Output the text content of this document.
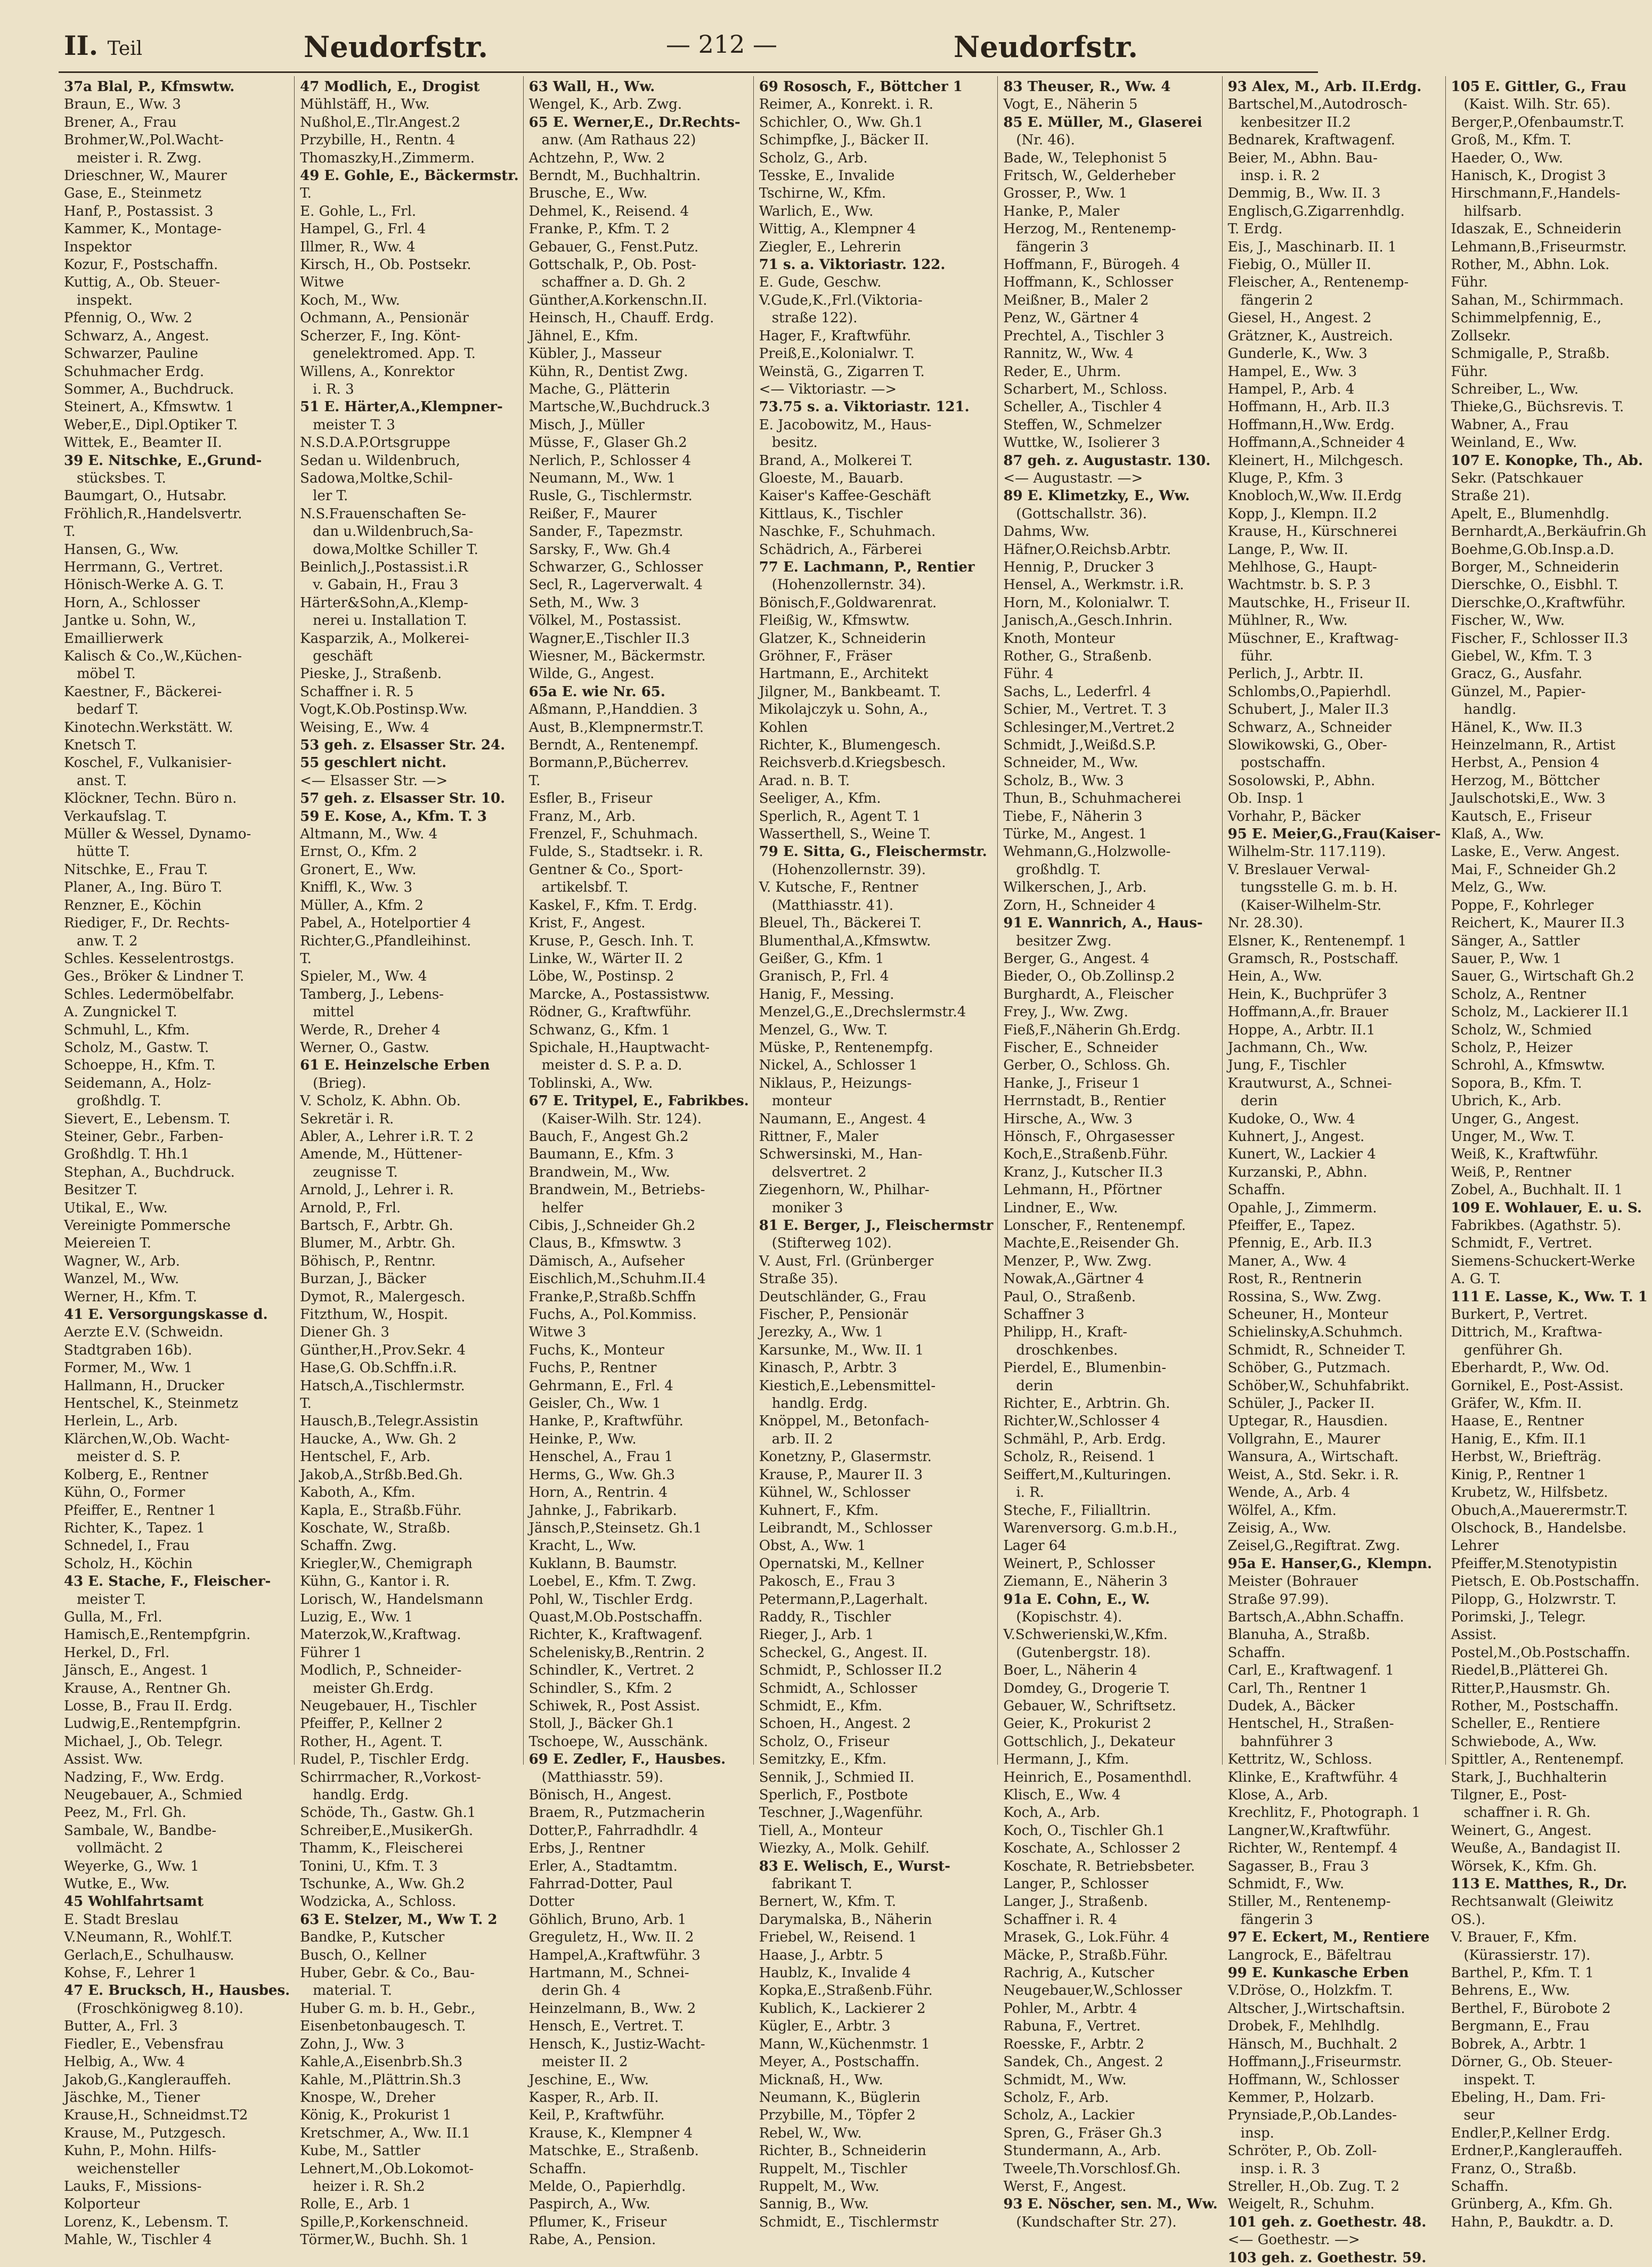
II. Teil	Neudorfstr.	— 212 —	Neudorfstr.
37a Blal, P., Kfmswtw.
Braun, E., Ww. 3
Brener, A., Frau
Brohmer,W.,Pol.Wacht-
meister i. R. Zwg.
Drieschner, W., Maurer
Gase, E., Steinmetz
Hanf, P., Postassist. 3
Kammer, K., Montage-
Inspektor
Kozur, F., Postschaffn.
Kuttig, A., Ob. Steuer-
inspekt.
Pfennig, O., Ww. 2
Schwarz, A., Angest.
Schwarzer, Pauline
Schuhmacher Erdg.
Sommer, A., Buchdruck.
Steinert, A., Kfmswtw. 1
Weber,E., Dipl.Optiker T.
Wittek, E., Beamter II.
39 E. Nitschke, E.,Grund-
stücksbes. T.
Baumgart, O., Hutsabr.
Fröhlich,R.,Handelsvertr.
T.
Hansen, G., Ww.
Herrmann, G., Vertret.
Hönisch-Werke A. G. T.
Horn, A., Schlosser
Jantke u. Sohn, W.,
Emaillierwerk
Kalisch & Co.,W.,Küchen-
möbel T.
Kaestner, F., Bäckerei-
bedarf T.
Kinotechn.Werkstätt. W.
Knetsch T.
Koschel, F., Vulkanisier-
anst. T.
Klöckner, Techn. Büro n.
Verkaufslag. T.
Müller & Wessel, Dynamo-
hütte T.
Nitschke, E., Frau T.
Planer, A., Ing. Büro T.
Renzner, E., Köchin
Riediger, F., Dr. Rechts-
anw. T. 2
Schles. Kesselentrostgs.
Ges., Bröker & Lindner T.
Schles. Ledermöbelfabr.
A. Zungnickel T.
Schmuhl, L., Kfm.
Scholz, M., Gastw. T.
Schoeppe, H., Kfm. T.
Seidemann, A., Holz-
großhdlg. T.
Sievert, E., Lebensm. T.
Steiner, Gebr., Farben-
Großhdlg. T. Hh.1
Stephan, A., Buchdruck.
Besitzer T.
Utikal, E., Ww.
Vereinigte Pommersche
Meiereien T.
Wagner, W., Arb.
Wanzel, M., Ww.
Werner, H., Kfm. T.
41 E. Versorgungskasse d.
Aerzte E.V. (Schweidn.
Stadtgraben 16b).
Former, M., Ww. 1
Hallmann, H., Drucker
Hentschel, K., Steinmetz
Herlein, L., Arb.
Klärchen,W.,Ob. Wacht-
meister d. S. P.
Kolberg, E., Rentner
Kühn, O., Former
Pfeiffer, E., Rentner 1
Richter, K., Tapez. 1
Schnedel, I., Frau
Scholz, H., Köchin
43 E. Stache, F., Fleischer-
meister T.
Gulla, M., Frl.
Hamisch,E.,Rentempfgrin.
Herkel, D., Frl.
Jänsch, E., Angest. 1
Krause, A., Rentner Gh.
Losse, B., Frau II. Erdg.
Ludwig,E.,Rentempfgrin.
Michael, J., Ob. Telegr.
Assist. Ww.
Nadzing, F., Ww. Erdg.
Neugebauer, A., Schmied
Peez, M., Frl. Gh.
Sambale, W., Bandbe-
vollmächt. 2
Weyerke, G., Ww. 1
Wutke, E., Ww.
45 Wohlfahrtsamt
E. Stadt Breslau
V.Neumann, R., Wohlf.T.
Gerlach,E., Schulhausw.
Kohse, F., Lehrer 1
47 E. Brucksch, H., Hausbes.
(Froschkönigweg 8.10).
Butter, A., Frl. 3
Fiedler, E., Vebensfrau
Helbig, A., Ww. 4
Jakob,G.,Kanglerauffeh.
Jäschke, M., Tiener
Krause,H., Schneidmst.T2
Krause, M., Putzgesch.
Kuhn, P., Mohn. Hilfs-
weichensteller
Lauks, F., Missions-
Kolporteur
Lorenz, K., Lebensm. T.
Mahle, W., Tischler 4
47 Modlich, E., Drogist
Mühlstäff, H., Ww.
Nußhol,E.,Tlr.Angest.2
Przybille, H., Rentn. 4
Thomaszky,H.,Zimmerm.
49 E. Gohle, E., Bäckermstr.
T.
E. Gohle, L., Frl.
Hampel, G., Frl. 4
Illmer, R., Ww. 4
Kirsch, H., Ob. Postsekr.
Witwe
Koch, M., Ww.
Ochmann, A., Pensionär
Scherzer, F., Ing. Könt-
genelektromed. App. T.
Willens, A., Konrektor
i. R. 3
51 E. Härter,A.,Klempner-
meister T. 3
N.S.D.A.P.Ortsgruppe
Sedan u. Wildenbruch,
Sadowa,Moltke,Schil-
ler T.
N.S.Frauenschaften Se-
dan u.Wildenbruch,Sa-
dowa,Moltke Schiller T.
Beinlich,J.,Postassist.i.R
v. Gabain, H., Frau 3
Härter&Sohn,A.,Klemp-
nerei u. Installation T.
Kasparzik, A., Molkerei-
geschäft
Pieske, J., Straßenb.
Schaffner i. R. 5
Vogt,K.Ob.Postinsp.Ww.
Weising, E., Ww. 4
53 geh. z. Elsasser Str. 24.
55 geschlert nicht.
<— Elsasser Str. —>
57 geh. z. Elsasser Str. 10.
59 E. Kose, A., Kfm. T. 3
Altmann, M., Ww. 4
Ernst, O., Kfm. 2
Gronert, E., Ww.
Kniffl, K., Ww. 3
Müller, A., Kfm. 2
Pabel, A., Hotelportier 4
Richter,G.,Pfandleihinst.
T.
Spieler, M., Ww. 4
Tamberg, J., Lebens-
mittel
Werde, R., Dreher 4
Werner, O., Gastw.
61 E. Heinzelsche Erben
(Brieg).
V. Scholz, K. Abhn. Ob.
Sekretär i. R.
Abler, A., Lehrer i.R. T. 2
Amende, M., Hüttener-
zeugnisse T.
Arnold, J., Lehrer i. R.
Arnold, P., Frl.
Bartsch, F., Arbtr. Gh.
Blumer, M., Arbtr. Gh.
Böhisch, P., Rentnr.
Burzan, J., Bäcker
Dymot, R., Malergesch.
Fitzthum, W., Hospit.
Diener Gh. 3
Günther,H.,Prov.Sekr. 4
Hase,G. Ob.Schffn.i.R.
Hatsch,A.,Tischlermstr.
T.
Hausch,B.,Telegr.Assistin
Haucke, A., Ww. Gh. 2
Hentschel, F., Arb.
Jakob,A.,Strßb.Bed.Gh.
Kaboth, A., Kfm.
Kapla, E., Straßb.Führ.
Koschate, W., Straßb.
Schaffn. Zwg.
Kriegler,W., Chemigraph
Kühn, G., Kantor i. R.
Lorisch, W., Handelsmann
Luzig, E., Ww. 1
Materzok,W.,Kraftwag.
Führer 1
Modlich, P., Schneider-
meister Gh.Erdg.
Neugebauer, H., Tischler
Pfeiffer, P., Kellner 2
Rother, H., Agent. T.
Rudel, P., Tischler Erdg.
Schirrmacher, R.,Vorkost-
handlg. Erdg.
Schöde, Th., Gastw. Gh.1
Schreiber,E.,MusikerGh.
Thamm, K., Fleischerei
Tonini, U., Kfm. T. 3
Tschunke, A., Ww. Gh.2
Wodzicka, A., Schloss.
63 E. Stelzer, M., Ww T. 2
Bandke, P., Kutscher
Busch, O., Kellner
Huber, Gebr. & Co., Bau-
material. T.
Huber G. m. b. H., Gebr.,
Eisenbetonbaugesch. T.
Zohn, J., Ww. 3
Kahle,A.,Eisenbrb.Sh.3
Kahle, M.,Plättrin.Sh.3
Knospe, W., Dreher
König, K., Prokurist 1
Kretschmer, A., Ww. II.1
Kube, M., Sattler
Lehnert,M.,Ob.Lokomot-
heizer i. R. Sh.2
Rolle, E., Arb. 1
Spille,P.,Korkenschneid.
Törmer,W., Buchh. Sh. 1
63 Wall, H., Ww.
Wengel, K., Arb. Zwg.
65 E. Werner,E., Dr.Rechts-
anw. (Am Rathaus 22)
Achtzehn, P., Ww. 2
Berndt, M., Buchhaltrin.
Brusche, E., Ww.
Dehmel, K., Reisend. 4
Franke, P., Kfm. T. 2
Gebauer, G., Fenst.Putz.
Gottschalk, P., Ob. Post-
schaffner a. D. Gh. 2
Günther,A.Korkenschn.II.
Heinsch, H., Chauff. Erdg.
Jähnel, E., Kfm.
Kübler, J., Masseur
Kühn, R., Dentist Zwg.
Mache, G., Plätterin
Martsche,W.,Buchdruck.3
Misch, J., Müller
Müsse, F., Glaser Gh.2
Nerlich, P., Schlosser 4
Neumann, M., Ww. 1
Rusle, G., Tischlermstr.
Reißer, F., Maurer
Sander, F., Tapezmstr.
Sarsky, F., Ww. Gh.4
Schwarzer, G., Schlosser
Secl, R., Lagerverwalt. 4
Seth, M., Ww. 3
Völkel, M., Postassist.
Wagner,E.,Tischler II.3
Wiesner, M., Bäckermstr.
Wilde, G., Angest.
65a E. wie Nr. 65.
Aßmann, P.,Handdien. 3
Aust, B.,Klempnermstr.T.
Berndt, A., Rentenempf.
Bormann,P.,Bücherrev.
T.
Esfler, B., Friseur
Franz, M., Arb.
Frenzel, F., Schuhmach.
Fulde, S., Stadtsekr. i. R.
Gentner & Co., Sport-
artikelsbf. T.
Kaskel, F., Kfm. T. Erdg.
Krist, F., Angest.
Kruse, P., Gesch. Inh. T.
Linke, W., Wärter II. 2
Löbe, W., Postinsp. 2
Marcke, A., Postassistww.
Rödner, G., Kraftwführ.
Schwanz, G., Kfm. 1
Spichale, H.,Hauptwacht-
meister d. S. P. a. D.
Toblinski, A., Ww.
67 E. Tritypel, E., Fabrikbes.
(Kaiser-Wilh. Str. 124).
Bauch, F., Angest Gh.2
Baumann, E., Kfm. 3
Brandwein, M., Ww.
Brandwein, M., Betriebs-
helfer
Cibis, J.,Schneider Gh.2
Claus, B., Kfmswtw. 3
Dämisch, A., Aufseher
Eischlich,M.,Schuhm.II.4
Franke,P.,Straßb.Schffn
Fuchs, A., Pol.Kommiss.
Witwe 3
Fuchs, K., Monteur
Fuchs, P., Rentner
Gehrmann, E., Frl. 4
Geisler, Ch., Ww. 1
Hanke, P., Kraftwführ.
Heinke, P., Ww.
Henschel, A., Frau 1
Herms, G., Ww. Gh.3
Horn, A., Rentrin. 4
Jahnke, J., Fabrikarb.
Jänsch,P.,Steinsetz. Gh.1
Kracht, L., Ww.
Kuklann, B. Baumstr.
Loebel, E., Kfm. T. Zwg.
Pohl, W., Tischler Erdg.
Quast,M.Ob.Postschaffn.
Richter, K., Kraftwagenf.
Schelenisky,B.,Rentrin. 2
Schindler, K., Vertret. 2
Schindler, S., Kfm. 2
Schiwek, R., Post Assist.
Stoll, J., Bäcker Gh.1
Tschoepe, W., Ausschänk.
69 E. Zedler, F., Hausbes.
(Matthiasstr. 59).
Bönisch, H., Angest.
Braem, R., Putzmacherin
Dotter,P., Fahrradhdlr. 4
Erbs, J., Rentner
Erler, A., Stadtamtm.
Fahrrad-Dotter, Paul
Dotter
Göhlich, Bruno, Arb. 1
Greguletz, H., Ww. II. 2
Hampel,A.,Kraftwführ. 3
Hartmann, M., Schnei-
derin Gh. 4
Heinzelmann, B., Ww. 2
Hensch, E., Vertret. T.
Hensch, K., Justiz-Wacht-
meister II. 2
Jeschine, E., Ww.
Kasper, R., Arb. II.
Keil, P., Kraftwführ.
Krause, K., Klempner 4
Matschke, E., Straßenb.
Schaffn.
Melde, O., Papierhdlg.
Paspirch, A., Ww.
Pflumer, K., Friseur
Rabe, A., Pension.
69 Rososch, F., Böttcher 1
Reimer, A., Konrekt. i. R.
Schichler, O., Ww. Gh.1
Schimpfke, J., Bäcker II.
Scholz, G., Arb.
Tesske, E., Invalide
Tschirne, W., Kfm.
Warlich, E., Ww.
Wittig, A., Klempner 4
Ziegler, E., Lehrerin
71 s. a. Viktoriastr. 122.
E. Gude, Geschw.
V.Gude,K.,Frl.(Viktoria-
straße 122).
Hager, F., Kraftwführ.
Preiß,E.,Kolonialwr. T.
Weinstä, G., Zigarren T.
<— Viktoriastr. —>
73.75 s. a. Viktoriastr. 121.
E. Jacobowitz, M., Haus-
besitz.
Brand, A., Molkerei T.
Gloeste, M., Bauarb.
Kaiser's Kaffee-Geschäft
Kittlaus, K., Tischler
Naschke, F., Schuhmach.
Schädrich, A., Färberei
77 E. Lachmann, P., Rentier
(Hohenzollernstr. 34).
Bönisch,F.,Goldwarenrat.
Fleißig, W., Kfmswtw.
Glatzer, K., Schneiderin
Gröhner, F., Fräser
Hartmann, E., Architekt
Jilgner, M., Bankbeamt. T.
Mikolajczyk u. Sohn, A.,
Kohlen
Richter, K., Blumengesch.
Reichsverb.d.Kriegsbesch.
Arad. n. B. T.
Seeliger, A., Kfm.
Sperlich, R., Agent T. 1
Wasserthell, S., Weine T.
79 E. Sitta, G., Fleischermstr.
(Hohenzollernstr. 39).
V. Kutsche, F., Rentner
(Matthiasstr. 41).
Bleuel, Th., Bäckerei T.
Blumenthal,A.,Kfmswtw.
Geißer, G., Kfm. 1
Granisch, P., Frl. 4
Hanig, F., Messing.
Menzel,G.,E.,Drechslermstr.4
Menzel, G., Ww. T.
Müske, P., Rentenempfg.
Nickel, A., Schlosser 1
Niklaus, P., Heizungs-
monteur
Naumann, E., Angest. 4
Rittner, F., Maler
Schwersinski, M., Han-
delsvertret. 2
Ziegenhorn, W., Philhar-
moniker 3
81 E. Berger, J., Fleischermstr
(Stifterweg 102).
V. Aust, Frl. (Grünberger
Straße 35).
Deutschländer, G., Frau
Fischer, P., Pensionär
Jerezky, A., Ww. 1
Karsunke, M., Ww. II. 1
Kinasch, P., Arbtr. 3
Kiestich,E.,Lebensmittel-
handlg. Erdg.
Knöppel, M., Betonfach-
arb. II. 2
Konetzny, P., Glasermstr.
Krause, P., Maurer II. 3
Kühnel, W., Schlosser
Kuhnert, F., Kfm.
Leibrandt, M., Schlosser
Obst, A., Ww. 1
Opernatski, M., Kellner
Pakosch, E., Frau 3
Petermann,P.,Lagerhalt.
Raddy, R., Tischler
Rieger, J., Arb. 1
Scheckel, G., Angest. II.
Schmidt, P., Schlosser II.2
Schmidt, A., Schlosser
Schmidt, E., Kfm.
Schoen, H., Angest. 2
Scholz, O., Friseur
Semitzky, E., Kfm.
Sennik, J., Schmied II.
Sperlich, F., Postbote
Teschner, J.,Wagenführ.
Tiell, A., Monteur
Wiezky, A., Molk. Gehilf.
83 E. Welisch, E., Wurst-
fabrikant T.
Bernert, W., Kfm. T.
Darymalska, B., Näherin
Friebel, W., Reisend. 1
Haase, J., Arbtr. 5
Haublz, K., Invalide 4
Kopka,E.,Straßenb.Führ.
Kublich, K., Lackierer 2
Kügler, E., Arbtr. 3
Mann, W.,Küchenmstr. 1
Meyer, A., Postschaffn.
Micknaß, H., Ww.
Neumann, K., Büglerin
Przybille, M., Töpfer 2
Rebel, W., Ww.
Richter, B., Schneiderin
Ruppelt, M., Tischler
Ruppelt, M., Ww.
Sannig, B., Ww.
Schmidt, E., Tischlermstr
83 Theuser, R., Ww. 4
Vogt, E., Näherin 5
85 E. Müller, M., Glaserei
(Nr. 46).
Bade, W., Telephonist 5
Fritsch, W., Gelderheber
Grosser, P., Ww. 1
Hanke, P., Maler
Herzog, M., Rentenemp-
fängerin 3
Hoffmann, F., Bürogeh. 4
Hoffmann, K., Schlosser
Meißner, B., Maler 2
Penz, W., Gärtner 4
Prechtel, A., Tischler 3
Rannitz, W., Ww. 4
Reder, E., Uhrm.
Scharbert, M., Schloss.
Scheller, A., Tischler 4
Steffen, W., Schmelzer
Wuttke, W., Isolierer 3
87 geh. z. Augustastr. 130.
<— Augustastr. —>
89 E. Klimetzky, E., Ww.
(Gottschallstr. 36).
Dahms, Ww.
Häfner,O.Reichsb.Arbtr.
Hennig, P., Drucker 3
Hensel, A., Werkmstr. i.R.
Horn, M., Kolonialwr. T.
Janisch,A.,Gesch.Inhrin.
Knoth, Monteur
Rother, G., Straßenb.
Führ. 4
Sachs, L., Lederfrl. 4
Schier, M., Vertret. T. 3
Schlesinger,M.,Vertret.2
Schmidt, J.,Weißd.S.P.
Schneider, M., Ww.
Scholz, B., Ww. 3
Thun, B., Schuhmacherei
Tiebe, F., Näherin 3
Türke, M., Angest. 1
Wehmann,G.,Holzwolle-
großhdlg. T.
Wilkerschen, J., Arb.
Zorn, H., Schneider 4
91 E. Wannrich, A., Haus-
besitzer Zwg.
Berger, G., Angest. 4
Bieder, O., Ob.Zollinsp.2
Burghardt, A., Fleischer
Frey, J., Ww. Zwg.
Fieß,F.,Näherin Gh.Erdg.
Fischer, E., Schneider
Gerber, O., Schloss. Gh.
Hanke, J., Friseur 1
Herrnstadt, B., Rentier
Hirsche, A., Ww. 3
Hönsch, F., Ohrgasesser
Koch,E.,Straßenb.Führ.
Kranz, J., Kutscher II.3
Lehmann, H., Pförtner
Lindner, E., Ww.
Lonscher, F., Rentenempf.
Machte,E.,Reisender Gh.
Menzer, P., Ww. Zwg.
Nowak,A.,Gärtner 4
Paul, O., Straßenb.
Schaffner 3
Philipp, H., Kraft-
droschkenbes.
Pierdel, E., Blumenbin-
derin
Richter, E., Arbtrin. Gh.
Richter,W.,Schlosser 4
Schmähl, P., Arb. Erdg.
Scholz, R., Reisend. 1
Seiffert,M.,Kulturingen.
i. R.
Steche, F., Filialltrin.
Warenversorg. G.m.b.H.,
Lager 64
Weinert, P., Schlosser
Ziemann, E., Näherin 3
91a E. Cohn, E., W.
(Kopischstr. 4).
V.Schwerienski,W.,Kfm.
(Gutenbergstr. 18).
Boer, L., Näherin 4
Domdey, G., Drogerie T.
Gebauer, W., Schriftsetz.
Geier, K., Prokurist 2
Gottschlich, J., Dekateur
Hermann, J., Kfm.
Heinrich, E., Posamenthdl.
Klisch, E., Ww. 4
Koch, A., Arb.
Koch, O., Tischler Gh.1
Koschate, A., Schlosser 2
Koschate, R. Betriebsbeter.
Langer, P., Schlosser
Langer, J., Straßenb.
Schaffner i. R. 4
Mrasek, G., Lok.Führ. 4
Mäcke, P., Straßb.Führ.
Rachrig, A., Kutscher
Neugebauer,W.,Schlosser
Pohler, M., Arbtr. 4
Rabuna, F., Vertret.
Roesske, F., Arbtr. 2
Sandek, Ch., Angest. 2
Schmidt, M., Ww.
Scholz, F., Arb.
Scholz, A., Lackier
Spren, G., Fräser Gh.3
Stundermann, A., Arb.
Tweele,Th.Vorschlosf.Gh.
Werst, F., Angest.
93 E. Nöscher, sen. M., Ww.
(Kundschafter Str. 27).
93 Alex, M., Arb. II.Erdg.
Bartschel,M.,Autodrosch-
kenbesitzer II.2
Bednarek, Kraftwagenf.
Beier, M., Abhn. Bau-
insp. i. R. 2
Demmig, B., Ww. II. 3
Englisch,G.Zigarrenhdlg.
T. Erdg.
Eis, J., Maschinarb. II. 1
Fiebig, O., Müller II.
Fleischer, A., Rentenemp-
fängerin 2
Giesel, H., Angest. 2
Grätzner, K., Austreich.
Gunderle, K., Ww. 3
Hampel, E., Ww. 3
Hampel, P., Arb. 4
Hoffmann, H., Arb. II.3
Hoffmann,H.,Ww. Erdg.
Hoffmann,A.,Schneider 4
Kleinert, H., Milchgesch.
Kluge, P., Kfm. 3
Knobloch,W.,Ww. II.Erdg
Kopp, J., Klempn. II.2
Krause, H., Kürschnerei
Lange, P., Ww. II.
Mehlhose, G., Haupt-
Wachtmstr. b. S. P. 3
Mautschke, H., Friseur II.
Mühlner, R., Ww.
Müschner, E., Kraftwag-
führ.
Perlich, J., Arbtr. II.
Schlombs,O.,Papierhdl.
Schubert, J., Maler II.3
Schwarz, A., Schneider
Slowikowski, G., Ober-
postschaffn.
Sosolowski, P., Abhn.
Ob. Insp. 1
Vorhahr, P., Bäcker
95 E. Meier,G.,Frau(Kaiser-
Wilhelm-Str. 117.119).
V. Breslauer Verwal-
tungsstelle G. m. b. H.
(Kaiser-Wilhelm-Str.
Nr. 28.30).
Elsner, K., Rentenempf. 1
Gramsch, R., Postschaff.
Hein, A., Ww.
Hein, K., Buchprüfer 3
Hoffmann,A.,fr. Brauer
Hoppe, A., Arbtr. II.1
Jachmann, Ch., Ww.
Jung, F., Tischler
Krautwurst, A., Schnei-
derin
Kudoke, O., Ww. 4
Kuhnert, J., Angest.
Kunert, W., Lackier 4
Kurzanski, P., Abhn.
Schaffn.
Opahle, J., Zimmerm.
Pfeiffer, E., Tapez.
Pfennig, E., Arb. II.3
Maner, A., Ww. 4
Rost, R., Rentnerin
Rossina, S., Ww. Zwg.
Scheuner, H., Monteur
Schielinsky,A.Schuhmch.
Schmidt, R., Schneider T.
Schöber, G., Putzmach.
Schöber,W., Schuhfabrikt.
Schüler, J., Packer II.
Uptegar, R., Hausdien.
Vollgrahn, E., Maurer
Wansura, A., Wirtschaft.
Weist, A., Std. Sekr. i. R.
Wende, A., Arb. 4
Wölfel, A., Kfm.
Zeisig, A., Ww.
Zeisel,G.,Regiftrat. Zwg.
95a E. Hanser,G., Klempn.
Meister (Bohrauer
Straße 97.99).
Bartsch,A.,Abhn.Schaffn.
Blanuha, A., Straßb.
Schaffn.
Carl, E., Kraftwagenf. 1
Carl, Th., Rentner 1
Dudek, A., Bäcker
Hentschel, H., Straßen-
bahnführer 3
Kettritz, W., Schloss.
Klinke, E., Kraftwführ. 4
Klose, A., Arb.
Krechlitz, F., Photograph. 1
Langner,W.,Kraftwführ.
Richter, W., Rentempf. 4
Sagasser, B., Frau 3
Schmidt, F., Ww.
Stiller, M., Rentenemp-
fängerin 3
97 E. Eckert, M., Rentiere
Langrock, E., Bäfeltrau
99 E. Kunkasche Erben
V.Dröse, O., Holzkfm. T.
Altscher, J.,Wirtschaftsin.
Drobek, F., Mehlhdlg.
Hänsch, M., Buchhalt. 2
Hoffmann,J.,Friseurmstr.
Hoffmann, W., Schlosser
Kemmer, P., Holzarb.
Prynsiade,P.,Ob.Landes-
insp.
Schröter, P., Ob. Zoll-
insp. i. R. 3
Streller, H.,Ob. Zug. T. 2
Weigelt, R., Schuhm.
101 geh. z. Goethestr. 48.
<— Goethestr. —>
103 geh. z. Goethestr. 59.
105 E. Gittler, G., Frau
(Kaist. Wilh. Str. 65).
Berger,P.,Ofenbaumstr.T.
Groß, M., Kfm. T.
Haeder, O., Ww.
Hanisch, K., Drogist 3
Hirschmann,F.,Handels-
hilfsarb.
Idaszak, E., Schneiderin
Lehmann,B.,Friseurmstr.
Rother, M., Abhn. Lok.
Führ.
Sahan, M., Schirmmach.
Schimmelpfennig, E.,
Zollsekr.
Schmigalle, P., Straßb.
Führ.
Schreiber, L., Ww.
Thieke,G., Büchsrevis. T.
Wabner, A., Frau
Weinland, E., Ww.
107 E. Konopke, Th., Ab.
Sekr. (Patschkauer
Straße 21).
Apelt, E., Blumenhdlg.
Bernhardt,A.,Berkäufrin.Gh
Boehme,G.Ob.Insp.a.D.
Borger, M., Schneiderin
Dierschke, O., Eisbhl. T.
Dierschke,O.,Kraftwführ.
Fischer, W., Ww.
Fischer, F., Schlosser II.3
Giebel, W., Kfm. T. 3
Gracz, G., Ausfahr.
Günzel, M., Papier-
handlg.
Hänel, K., Ww. II.3
Heinzelmann, R., Artist
Herbst, A., Pension 4
Herzog, M., Böttcher
Jaulschotski,E., Ww. 3
Kautsch, E., Friseur
Klaß, A., Ww.
Laske, E., Verw. Angest.
Mai, F., Schneider Gh.2
Melz, G., Ww.
Poppe, F., Kohrleger
Reichert, K., Maurer II.3
Sänger, A., Sattler
Sauer, P., Ww. 1
Sauer, G., Wirtschaft Gh.2
Scholz, A., Rentner
Scholz, M., Lackierer II.1
Scholz, W., Schmied
Scholz, P., Heizer
Schrohl, A., Kfmswtw.
Sopora, B., Kfm. T.
Ubrich, K., Arb.
Unger, G., Angest.
Unger, M., Ww. T.
Weiß, K., Kraftwführ.
Weiß, P., Rentner
Zobel, A., Buchhalt. II. 1
109 E. Wohlauer, E. u. S.
Fabrikbes. (Agathstr. 5).
Schmidt, F., Vertret.
Siemens-Schuckert-Werke
A. G. T.
111 E. Lasse, K., Ww. T. 1
Burkert, P., Vertret.
Dittrich, M., Kraftwa-
genführer Gh.
Eberhardt, P., Ww. Od.
Gornikel, E., Post-Assist.
Gräfer, W., Kfm. II.
Haase, E., Rentner
Hanig, E., Kfm. II.1
Herbst, W., Briefträg.
Kinig, P., Rentner 1
Krubetz, W., Hilfsbetz.
Obuch,A.,Mauerermstr.T.
Olschock, B., Handelsbe.
Lehrer
Pfeiffer,M.Stenotypistin
Pietsch, E. Ob.Postschaffn.
Pilopp, G., Holzwrstr. T.
Porimski, J., Telegr.
Assist.
Postel,M.,Ob.Postschaffn.
Riedel,B.,Plätterei Gh.
Ritter,P.,Hausmstr. Gh.
Rother, M., Postschaffn.
Scheller, E., Rentiere
Schwiebode, A., Ww.
Spittler, A., Rentenempf.
Stark, J., Buchhalterin
Tilgner, E., Post-
schaffner i. R. Gh.
Weinert, G., Angest.
Weuße, A., Bandagist II.
Wörsek, K., Kfm. Gh.
113 E. Matthes, R., Dr.
Rechtsanwalt (Gleiwitz
OS.).
V. Brauer, F., Kfm.
(Kürassierstr. 17).
Barthel, P., Kfm. T. 1
Behrens, E., Ww.
Berthel, F., Bürobote 2
Bergmann, E., Frau
Bobrek, A., Arbtr. 1
Dörner, G., Ob. Steuer-
inspekt. T.
Ebeling, H., Dam. Fri-
seur
Endler,P.,Kellner Erdg.
Erdner,P.,Kanglerauffeh.
Franz, O., Straßb.
Schaffn.
Grünberg, A., Kfm. Gh.
Hahn, P., Baukdtr. a. D.
